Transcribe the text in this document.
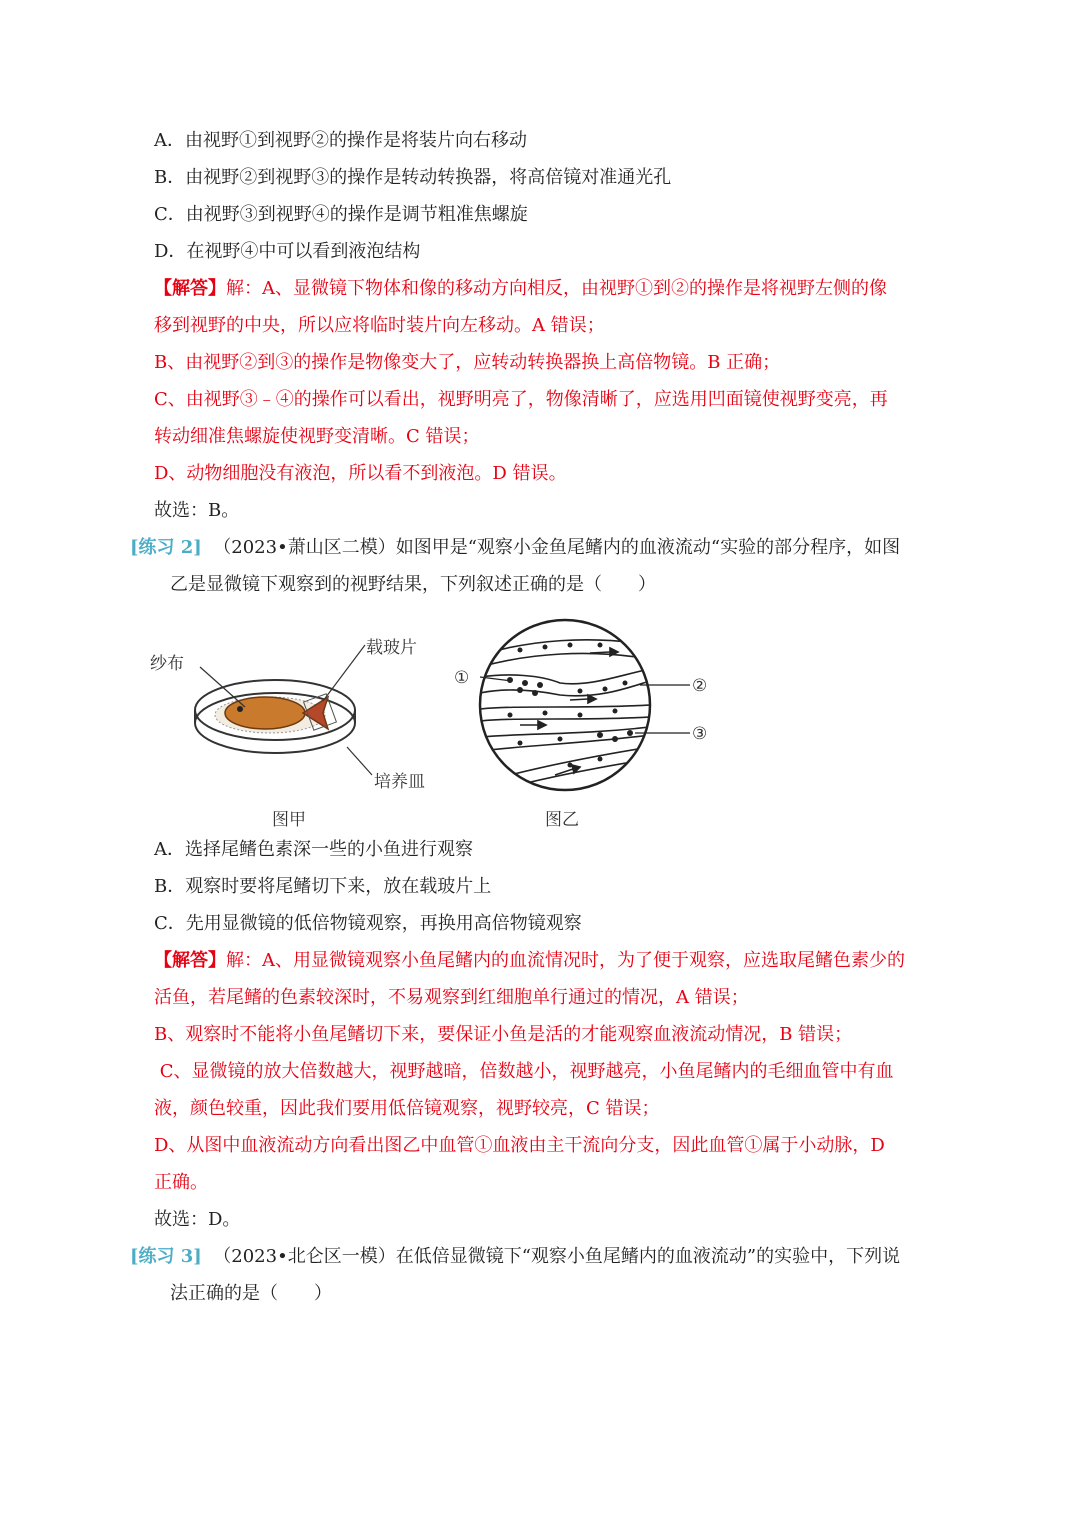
A．由视野①到视野②的操作是将装片向右移动
B．由视野②到视野③的操作是转动转换器，将高倍镜对准通光孔
C．由视野③到视野④的操作是调节粗准焦螺旋
D．在视野④中可以看到液泡结构
【解答】解：A、显微镜下物体和像的移动方向相反，由视野①到②的操作是将视野左侧的像
移到视野的中央，所以应将临时装片向左移动。A 错误；
B、由视野②到③的操作是物像变大了，应转动转换器换上高倍物镜。B 正确；
C、由视野③﹣④的操作可以看出，视野明亮了，物像清晰了，应选用凹面镜使视野变亮，再
转动细准焦螺旋使视野变清晰。C 错误；
D、动物细胞没有液泡，所以看不到液泡。D 错误。
故选：B。
[练习 2] （2023•萧山区二模）如图甲是“观察小金鱼尾鳍内的血液流动“实验的部分程序，如图
乙是显微镜下观察到的视野结果，下列叙述正确的是（　　）
纱布
载玻片
培养皿
图甲
①	②
③
图乙
A．选择尾鳍色素深一些的小鱼进行观察
B．观察时要将尾鳍切下来，放在载玻片上
C．先用显微镜的低倍物镜观察，再换用高倍物镜观察
【解答】解：A、用显微镜观察小鱼尾鳍内的血流情况时，为了便于观察，应选取尾鳍色素少的
活鱼，若尾鳍的色素较深时，不易观察到红细胞单行通过的情况，A 错误；
B、观察时不能将小鱼尾鳍切下来，要保证小鱼是活的才能观察血液流动情况，B 错误；
C、显微镜的放大倍数越大，视野越暗，倍数越小，视野越亮，小鱼尾鳍内的毛细血管中有血
液，颜色较重，因此我们要用低倍镜观察，视野较亮，C 错误；
D、从图中血液流动方向看出图乙中血管①血液由主干流向分支，因此血管①属于小动脉，D
正确。
故选：D。
[练习 3] （2023•北仑区一模）在低倍显微镜下“观察小鱼尾鳍内的血液流动”的实验中，下列说
法正确的是（　　）
